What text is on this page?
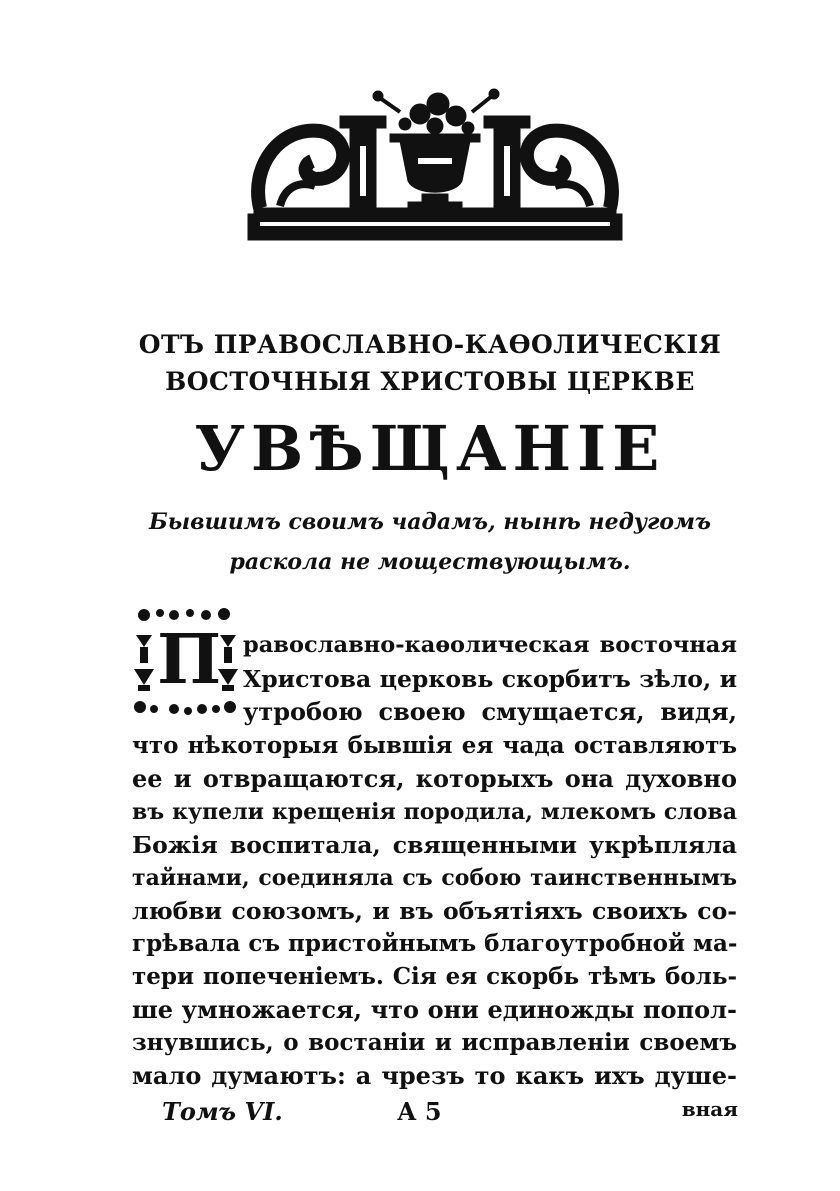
ОТЪ ПРАВОСЛАВНО-КАѲОЛИЧЕСКІЯ
ВОСТОЧНЫЯ ХРИСТОВЫ ЦЕРКВЕ
УВѢЩАНІЕ
Бывшимъ своимъ чадамъ, нынѣ недугомъ
раскола не моществующымъ.
П равославно-каѳолическая восточная
Христова церковь скорбитъ зѣло, и
утробою своею смущается, видя,
что нѣкоторыя бывшія ея чада оставляютъ
ее и отвращаются, которыхъ она духовно
въ купели крещенія породила, млекомъ слова
Божія воспитала, священными укрѣпляла
тайнами, соединяла съ собою таинственнымъ
любви союзомъ, и въ объятіяхъ своихъ со-
грѣвала съ пристойнымъ благоутробной ма-
тери попеченіемъ. Сія ея скорбь тѣмъ боль-
ше умножается, что они единожды попол-
знувшись, о востаніи и исправленіи своемъ
мало думаютъ: а чрезъ то какъ ихъ душе-
Томъ VI.	А 5	вная
